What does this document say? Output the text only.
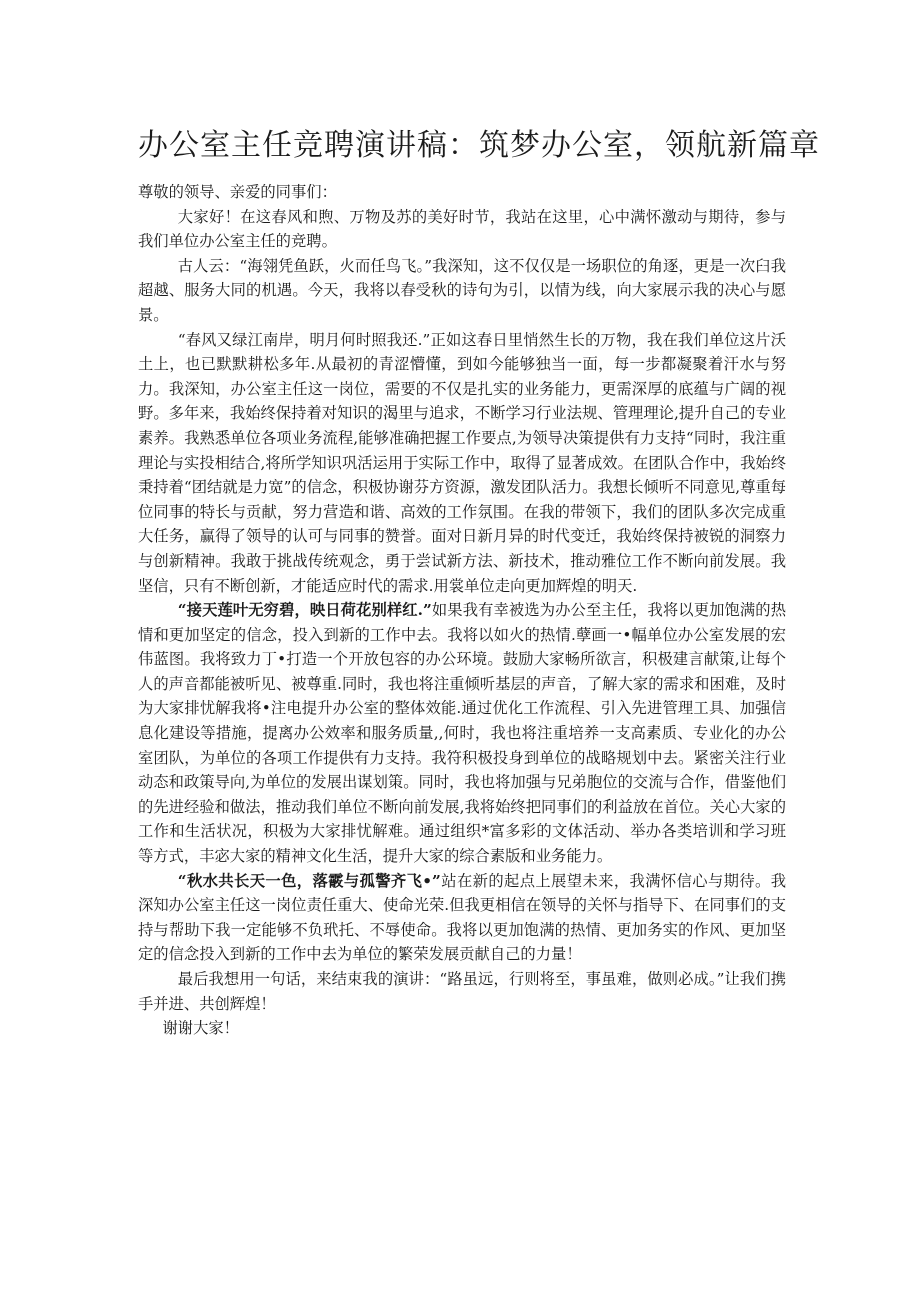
办公室主任竞聘演讲稿：筑梦办公室，领航新篇章

尊敬的领导、亲爱的同事们：

大家好！在这春风和煦、万物及苏的美好时节，我站在这里，心中满怀激动与期待，参与我们单位办公室主任的竞聘。

古人云：“海翎凭鱼跃，火而任鸟飞。”我深知，这不仅仅是一场职位的角逐，更是一次臼我超越、服务大同的机遇。今天，我将以春受秋的诗句为引，以情为线，向大家展示我的决心与愿景。

“春风又绿江南岸，明月何时照我还.”正如这春日里悄然生长的万物，我在我们单位这片沃土上，也已默默耕松多年.从最初的青涩懵懂，到如今能够独当一面，每一步都凝聚着汗水与努力。我深知，办公室主任这一岗位，需要的不仅是扎实的业务能力，更需深厚的底蕴与广阔的视野。多年来，我始终保持着对知识的渴里与追求，不断学习行业法规、管理理论,提升自己的专业素养。我熟悉单位各项业务流程,能够准确把握工作要点,为领导决策提供有力支持“同时，我注重理论与实投相结合,将所学知识巩活运用于实际工作中，取得了显著成效。在团队合作中，我始终秉持着“团结就是力宽”的信念，积极协谢芬方资源，激发团队活力。我想长倾听不同意见,尊重每位同事的特长与贡献，努力营造和谐、高效的工作氛围。在我的带领下，我们的团队多次完成重大任务，赢得了领导的认可与同事的赞誉。面对日新月异的时代变迁，我始终保持被锐的洞察力与创新精神。我敢于挑战传统观念，勇于尝试新方法、新技术，推动雅位工作不断向前发展。我坚信，只有不断创新，才能适应时代的需求.用裳单位走向更加辉煌的明天.

“接天莲叶无穷碧，映日荷花别样红.”如果我有幸被选为办公至主任，我将以更加饱满的热情和更加坚定的信念，投入到新的工作中去。我将以如火的热情.孽画一•幅单位办公室发展的宏伟蓝图。我将致力丁•打造一个开放包容的办公环境。鼓励大家畅所欲言，积极建言献策,让每个人的声音都能被听见、被尊重.同时，我也将注重倾听基层的声音，了解大家的需求和困难，及时为大家排忧解我将•注电提升办公室的整体效能.通过优化工作流程、引入先进管理工具、加强信息化建设等措施，提离办公效率和服务质量,,何时，我也将注重培养一支高素质、专业化的办公室团队，为单位的各项工作提供有力支持。我符积极投身到单位的战略规划中去。紧密关注行业动态和政策导向,为单位的发展出谋划策。同时，我也将加强与兄弟胞位的交流与合作，借鉴他们的先进经验和做法，推动我们单位不断向前发展,我将始终把同事们的利益放在首位。关心大家的工作和生活状况，积极为大家排忧解难。通过组织*富多彩的文体活动、举办各类培训和学习班等方式，丰宓大家的精神文化生活，提升大家的综合素版和业务能力。

“秋水共长天一色，落霰与孤警齐飞•”站在新的起点上展望未来，我满怀信心与期待。我深知办公室主任这一岗位责任重大、使命光荣.但我更相信在领导的关怀与指导下、在同事们的支持与帮助下我一定能够不负玳托、不辱使命。我将以更加饱满的热情、更加务实的作风、更加坚定的信念投入到新的工作中去为单位的繁荣发展贡献自己的力量！

最后我想用一句话，来结束我的演讲：“路虽远，行则将至，事虽难，做则必成。”让我们携手并进、共创辉煌！

谢谢大家！
